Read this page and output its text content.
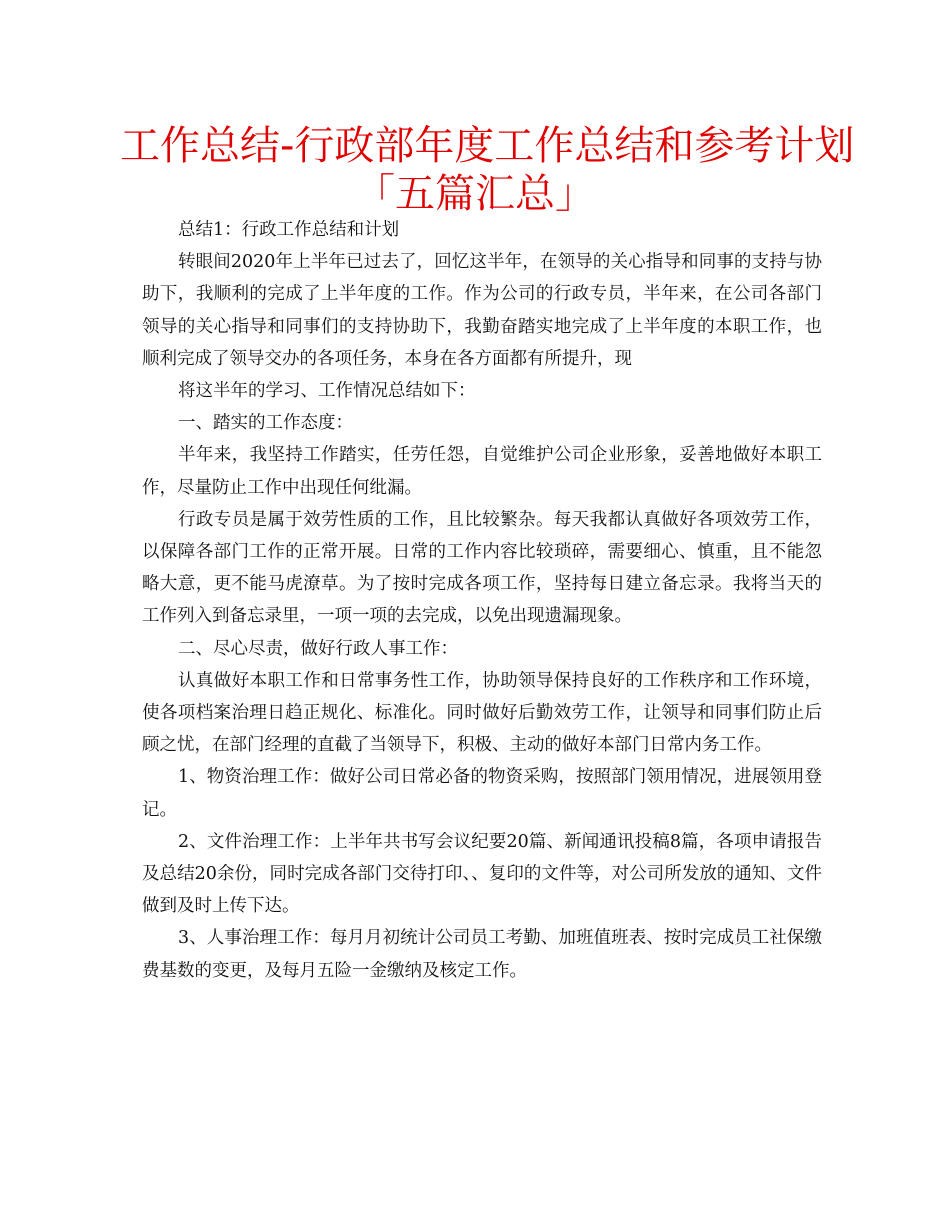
工作总结-行政部年度工作总结和参考计划
「五篇汇总」

总结1：行政工作总结和计划

转眼间2020年上半年已过去了，回忆这半年，在领导的关心指导和同事的支持与协助下，我顺利的完成了上半年度的工作。作为公司的行政专员，半年来，在公司各部门领导的关心指导和同事们的支持协助下，我勤奋踏实地完成了上半年度的本职工作，也顺利完成了领导交办的各项任务，本身在各方面都有所提升，现

将这半年的学习、工作情况总结如下：

一、踏实的工作态度：

半年来，我坚持工作踏实，任劳任怨，自觉维护公司企业形象，妥善地做好本职工作，尽量防止工作中出现任何纰漏。

行政专员是属于效劳性质的工作，且比较繁杂。每天我都认真做好各项效劳工作，以保障各部门工作的正常开展。日常的工作内容比较琐碎，需要细心、慎重，且不能忽略大意，更不能马虎潦草。为了按时完成各项工作，坚持每日建立备忘录。我将当天的工作列入到备忘录里，一项一项的去完成，以免出现遗漏现象。

二、尽心尽责，做好行政人事工作：

认真做好本职工作和日常事务性工作，协助领导保持良好的工作秩序和工作环境，使各项档案治理日趋正规化、标准化。同时做好后勤效劳工作，让领导和同事们防止后顾之忧，在部门经理的直截了当领导下，积极、主动的做好本部门日常内务工作。

1、物资治理工作：做好公司日常必备的物资采购，按照部门领用情况，进展领用登记。

2、文件治理工作：上半年共书写会议纪要20篇、新闻通讯投稿8篇，各项申请报告及总结20余份，同时完成各部门交待打印、、复印的文件等，对公司所发放的通知、文件做到及时上传下达。

3、人事治理工作：每月月初统计公司员工考勤、加班值班表、按时完成员工社保缴费基数的变更，及每月五险一金缴纳及核定工作。
